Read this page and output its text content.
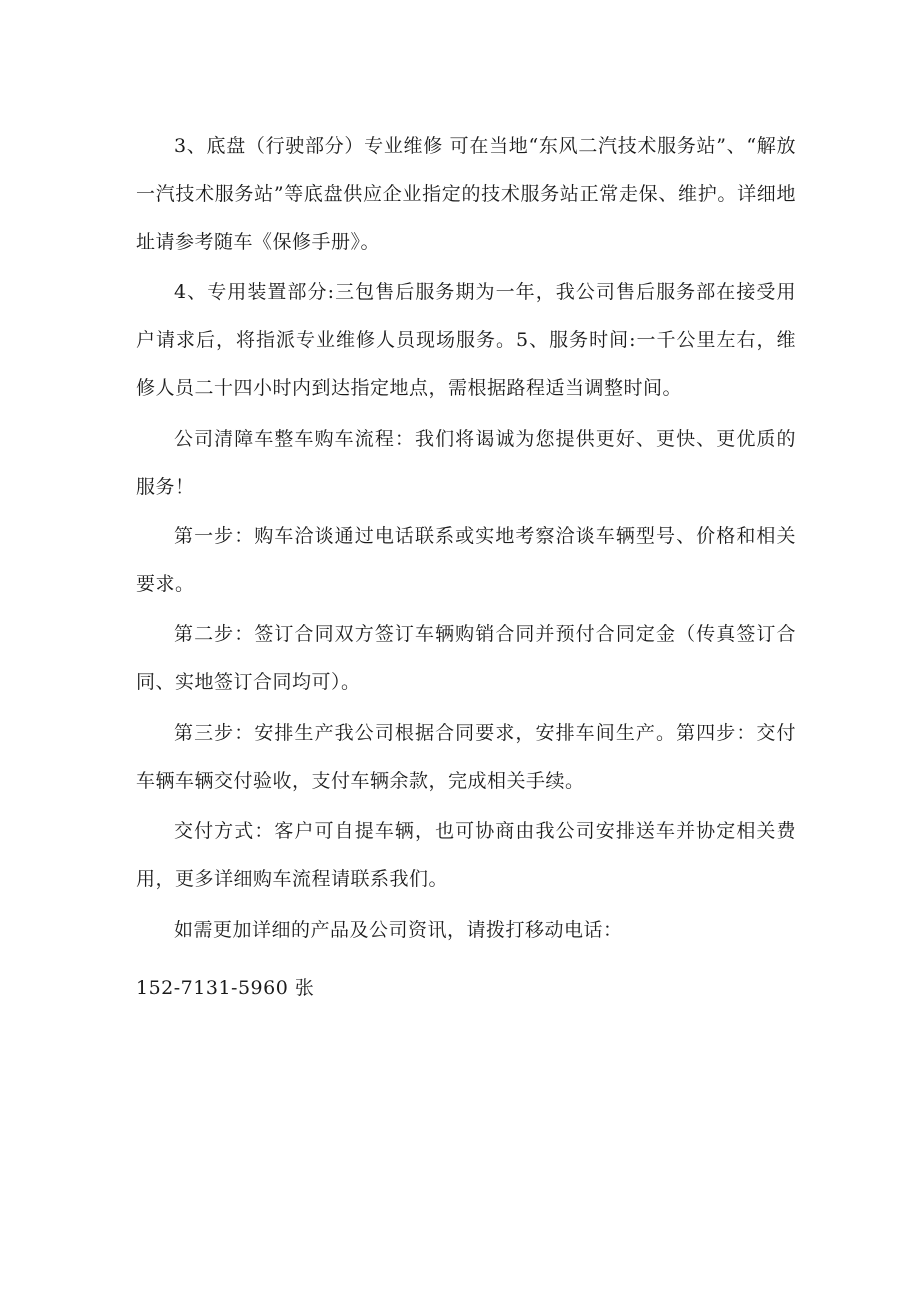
3、底盘（行驶部分）专业维修 可在当地“东风二汽技术服务站”、“解放一汽技术服务站”等底盘供应企业指定的技术服务站正常走保、维护。详细地址请参考随车《保修手册》。

4、专用装置部分:三包售后服务期为一年，我公司售后服务部在接受用户请求后，将指派专业维修人员现场服务。5、服务时间:一千公里左右，维修人员二十四小时内到达指定地点，需根据路程适当调整时间。

公司清障车整车购车流程：我们将谒诚为您提供更好、更快、更优质的服务！

第一步：购车洽谈通过电话联系或实地考察洽谈车辆型号、价格和相关要求。

第二步：签订合同双方签订车辆购销合同并预付合同定金（传真签订合同、实地签订合同均可）。

第三步：安排生产我公司根据合同要求，安排车间生产。第四步：交付车辆车辆交付验收，支付车辆余款，完成相关手续。

交付方式：客户可自提车辆，也可协商由我公司安排送车并协定相关费用，更多详细购车流程请联系我们。

如需更加详细的产品及公司资讯，请拨打移动电话：

152-7131-5960 张
